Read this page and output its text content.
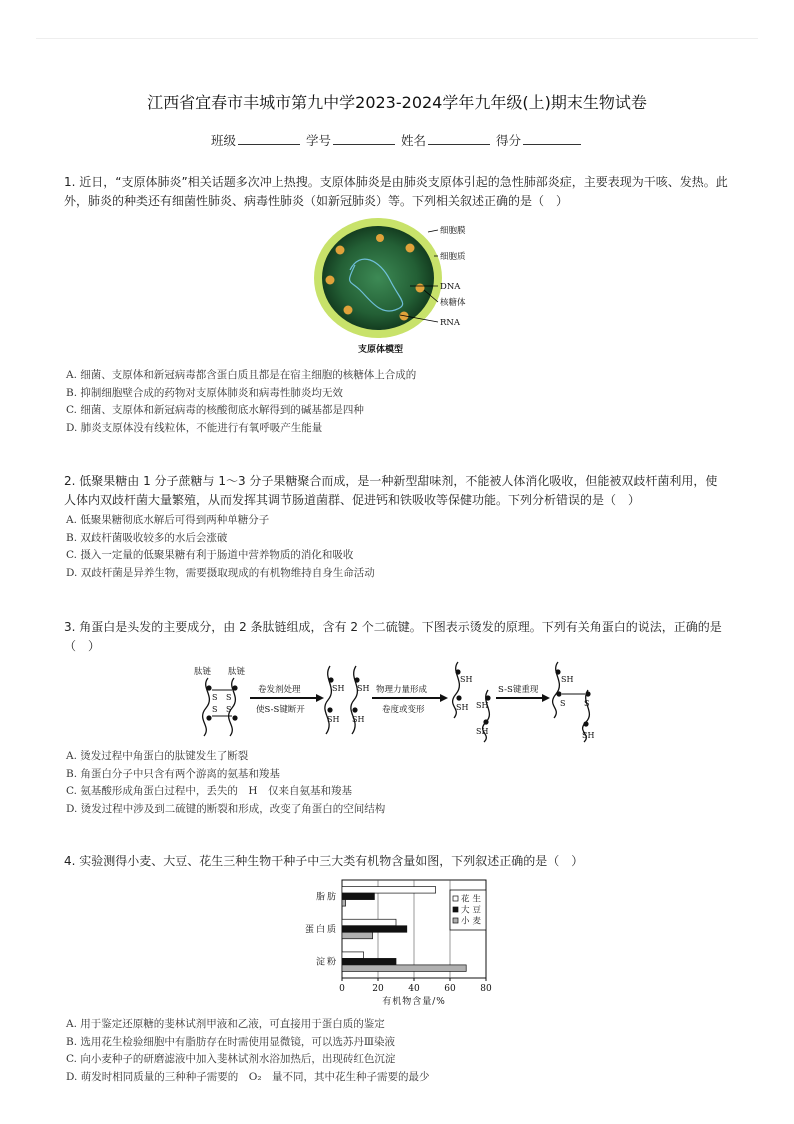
江西省宜春市丰城市第九中学2023-2024学年九年级(上)期末生物试卷
班级	学号	姓名	得分
1. 近日，“支原体肺炎”相关话题多次冲上热搜。支原体肺炎是由肺炎支原体引起的急性肺部炎症，主要表现为干咳、发热。此外，肺炎的种类还有细菌性肺炎、病毒性肺炎（如新冠肺炎）等。下列相关叙述正确的是（　）
细胞膜
细胞质
DNA
核糖体
RNA
支原体模型
A. 细菌、支原体和新冠病毒都含蛋白质且都是在宿主细胞的核糖体上合成的
B. 抑制细胞壁合成的药物对支原体肺炎和病毒性肺炎均无效
C. 细菌、支原体和新冠病毒的核酸彻底水解得到的碱基都是四种
D. 肺炎支原体没有线粒体，不能进行有氧呼吸产生能量
2. 低聚果糖由 1 分子蔗糖与 1～3 分子果糖聚合而成，是一种新型甜味剂，不能被人体消化吸收，但能被双歧杆菌利用，使人体内双歧杆菌大量繁殖，从而发挥其调节肠道菌群、促进钙和铁吸收等保健功能。下列分析错误的是（　）
A. 低聚果糖彻底水解后可得到两种单糖分子
B. 双歧杆菌吸收较多的水后会涨破
C. 摄入一定量的低聚果糖有利于肠道中营养物质的消化和吸收
D. 双歧杆菌是异养生物，需要摄取现成的有机物维持自身生命活动
3. 角蛋白是头发的主要成分，由 2 条肽链组成，含有 2 个二硫键。下图表示烫发的原理。下列有关角蛋白的说法，正确的是（　）
肽链 肽链
S S
S S
卷发剂处理
使S-S键断开
SH SH
SH SH
物理力量形成
卷度或变形
SH
SH SH
SH
S-S键重现
SH
S S
SH
A. 烫发过程中角蛋白的肽键发生了断裂
B. 角蛋白分子中只含有两个游离的氨基和羧基
C. 氨基酸形成角蛋白过程中，丢失的　H　仅来自氨基和羧基
D. 烫发过程中涉及到二硫键的断裂和形成，改变了角蛋白的空间结构
4. 实验测得小麦、大豆、花生三种生物干种子中三大类有机物含量如图，下列叙述正确的是（　）
0	20	40	60	80
脂肪
蛋白质
淀粉
花生
大豆
小麦
有机物含量/%
A. 用于鉴定还原糖的斐林试剂甲液和乙液，可直接用于蛋白质的鉴定
B. 选用花生检验细胞中有脂肪存在时需使用显微镜，可以选苏丹Ⅲ染液
C. 向小麦种子的研磨滤液中加入斐林试剂水浴加热后，出现砖红色沉淀
D. 萌发时相同质量的三种种子需要的　O₂　量不同，其中花生种子需要的最少
